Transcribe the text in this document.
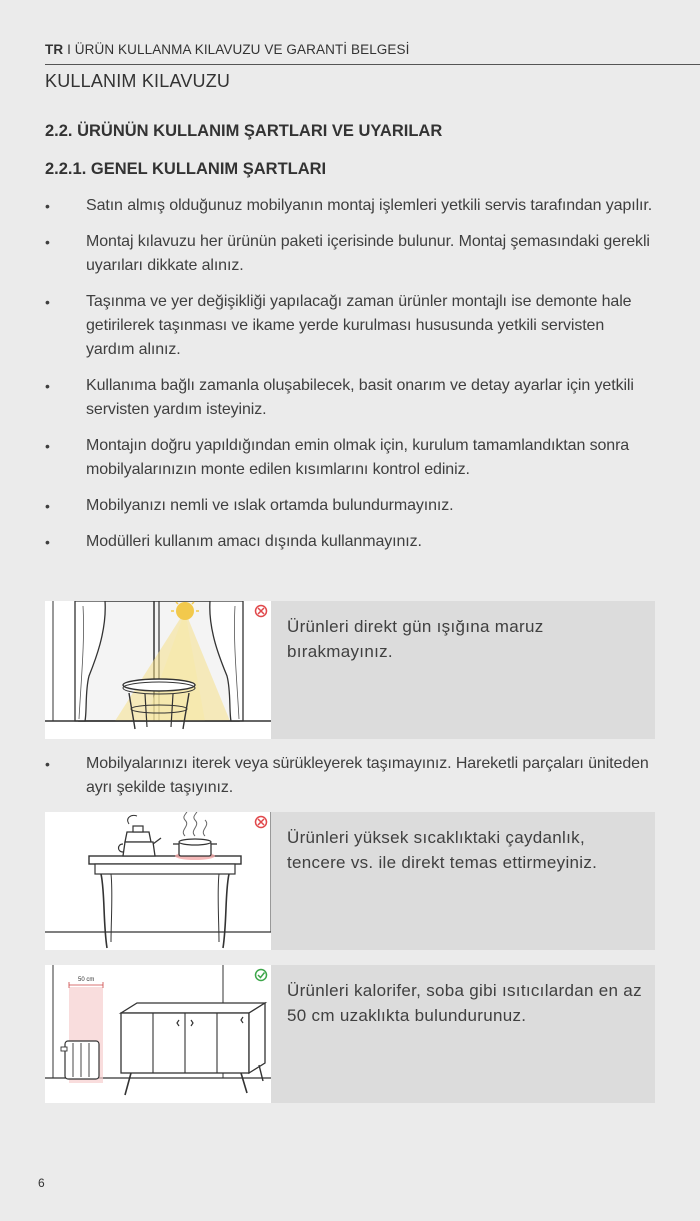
TR I ÜRÜN KULLANMA KILAVUZU VE GARANTİ BELGESİ
KULLANIM KILAVUZU
2.2. ÜRÜNÜN KULLANIM ŞARTLARI VE UYARILAR
2.2.1. GENEL KULLANIM ŞARTLARI
• Satın almış olduğunuz mobilyanın montaj işlemleri yetkili servis tarafından yapılır.
• Montaj kılavuzu her ürünün paketi içerisinde bulunur. Montaj şemasındaki gerekli uyarıları dikkate alınız.
• Taşınma ve yer değişikliği yapılacağı zaman ürünler montajlı ise demonte hale getirilerek taşınması ve ikame yerde kurulması hususunda yetkili servisten yardım alınız.
• Kullanıma bağlı zamanla oluşabilecek, basit onarım ve detay ayarlar için yetkili servisten yardım isteyiniz.
• Montajın doğru yapıldığından emin olmak için, kurulum tamamlandıktan sonra mobilyalarınızın monte edilen kısımlarını kontrol ediniz.
• Mobilyanızı nemli ve ıslak ortamda bulundurmayınız.
• Modülleri kullanım amacı dışında kullanmayınız.
Ürünleri direkt gün ışığına maruz bırakmayınız.
• Mobilyalarınızı iterek veya sürükleyerek taşımayınız. Hareketli parçaları üniteden ayrı şekilde taşıyınız.
Ürünleri yüksek sıcaklıktaki çaydanlık, tencere vs. ile direkt temas ettirmeyiniz.
50 cm
Ürünleri kalorifer, soba gibi ısıtıcılardan en az 50 cm uzaklıkta bulundurunuz.
6
